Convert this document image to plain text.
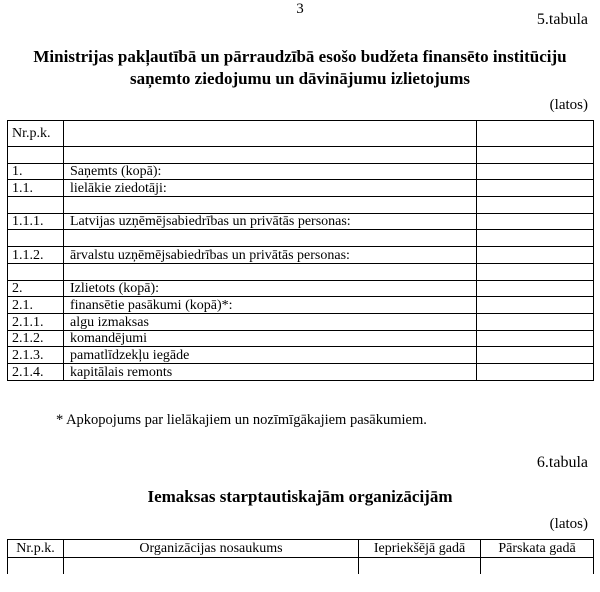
3
5.tabula
Ministrijas pakļautībā un pārraudzībā esošo budžeta finansēto institūciju
saņemto ziedojumu un dāvinājumu izlietojums
(latos)
Nr.p.k.		

1.	Saņemts (kopā):	
1.1.	lielākie ziedotāji:	

1.1.1.	Latvijas uzņēmējsabiedrības un privātās personas:	

1.1.2.	ārvalstu uzņēmējsabiedrības un privātās personas:	

2.	Izlietots (kopā):	
2.1.	finansētie pasākumi (kopā)*:	
2.1.1.	algu izmaksas	
2.1.2.	komandējumi	
2.1.3.	pamatlīdzekļu iegāde	
2.1.4.	kapitālais remonts	
* Apkopojums par lielākajiem un nozīmīgākajiem pasākumiem.
6.tabula
Iemaksas starptautiskajām organizācijām
(latos)
Nr.p.k.	Organizācijas nosaukums	Iepriekšējā gadā	Pārskata gadā
